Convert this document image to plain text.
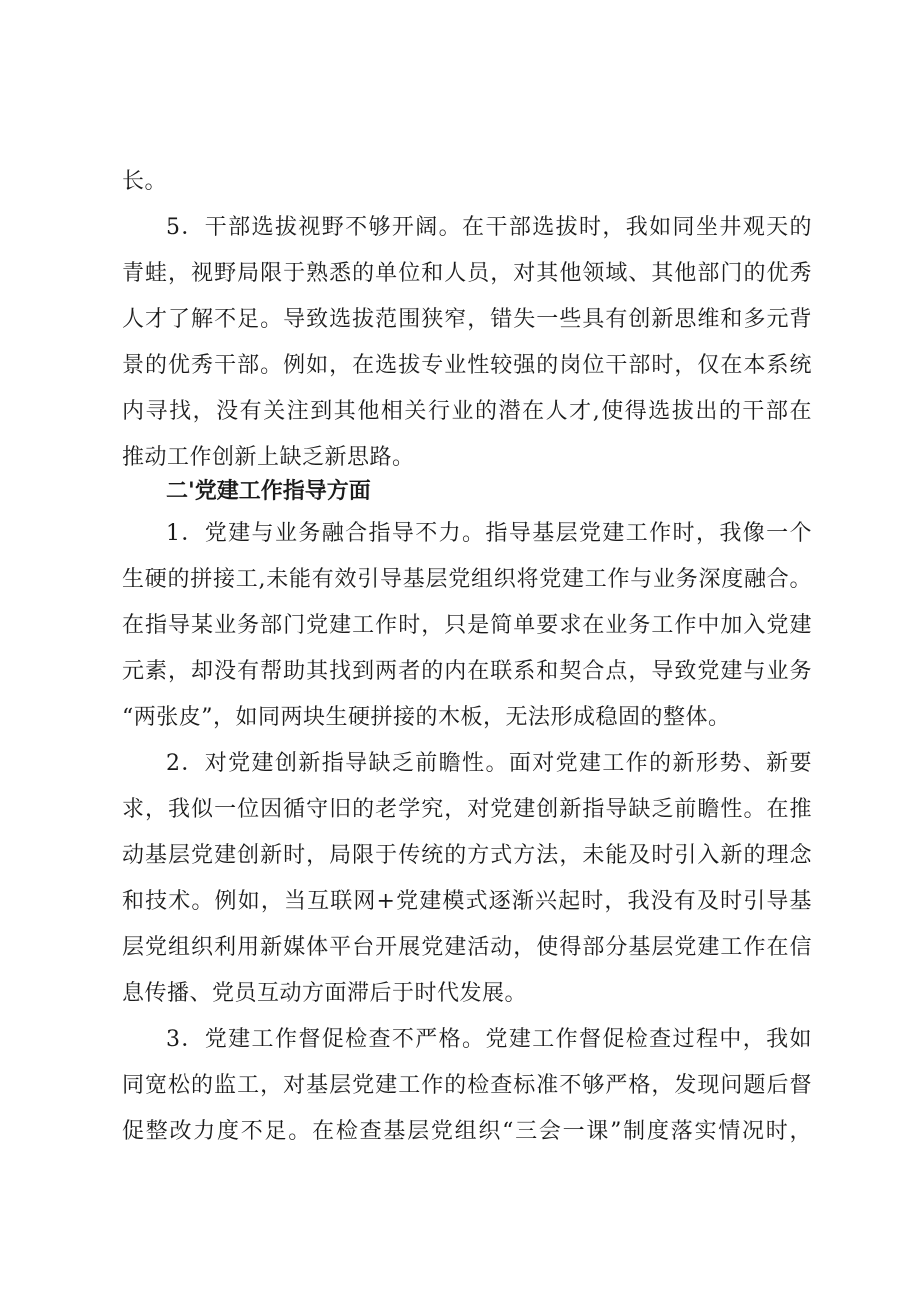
长。
5．干部选拔视野不够开阔。在干部选拔时，我如同坐井观天的
青蛙，视野局限于熟悉的单位和人员，对其他领域、其他部门的优秀
人才了解不足。导致选拔范围狭窄，错失一些具有创新思维和多元背
景的优秀干部。例如，在选拔专业性较强的岗位干部时，仅在本系统
内寻找，没有关注到其他相关行业的潜在人才,使得选拔出的干部在
推动工作创新上缺乏新思路。
二'党建工作指导方面
1．党建与业务融合指导不力。指导基层党建工作时，我像一个
生硬的拼接工,未能有效引导基层党组织将党建工作与业务深度融合。
在指导某业务部门党建工作时，只是简单要求在业务工作中加入党建
元素，却没有帮助其找到两者的内在联系和契合点，导致党建与业务
“两张皮”，如同两块生硬拼接的木板，无法形成稳固的整体。
2．对党建创新指导缺乏前瞻性。面对党建工作的新形势、新要
求，我似一位因循守旧的老学究，对党建创新指导缺乏前瞻性。在推
动基层党建创新时，局限于传统的方式方法，未能及时引入新的理念
和技术。例如，当互联网+党建模式逐渐兴起时，我没有及时引导基
层党组织利用新媒体平台开展党建活动，使得部分基层党建工作在信
息传播、党员互动方面滞后于时代发展。
3．党建工作督促检查不严格。党建工作督促检查过程中，我如
同宽松的监工，对基层党建工作的检查标准不够严格，发现问题后督
促整改力度不足。在检查基层党组织“三会一课”制度落实情况时，
